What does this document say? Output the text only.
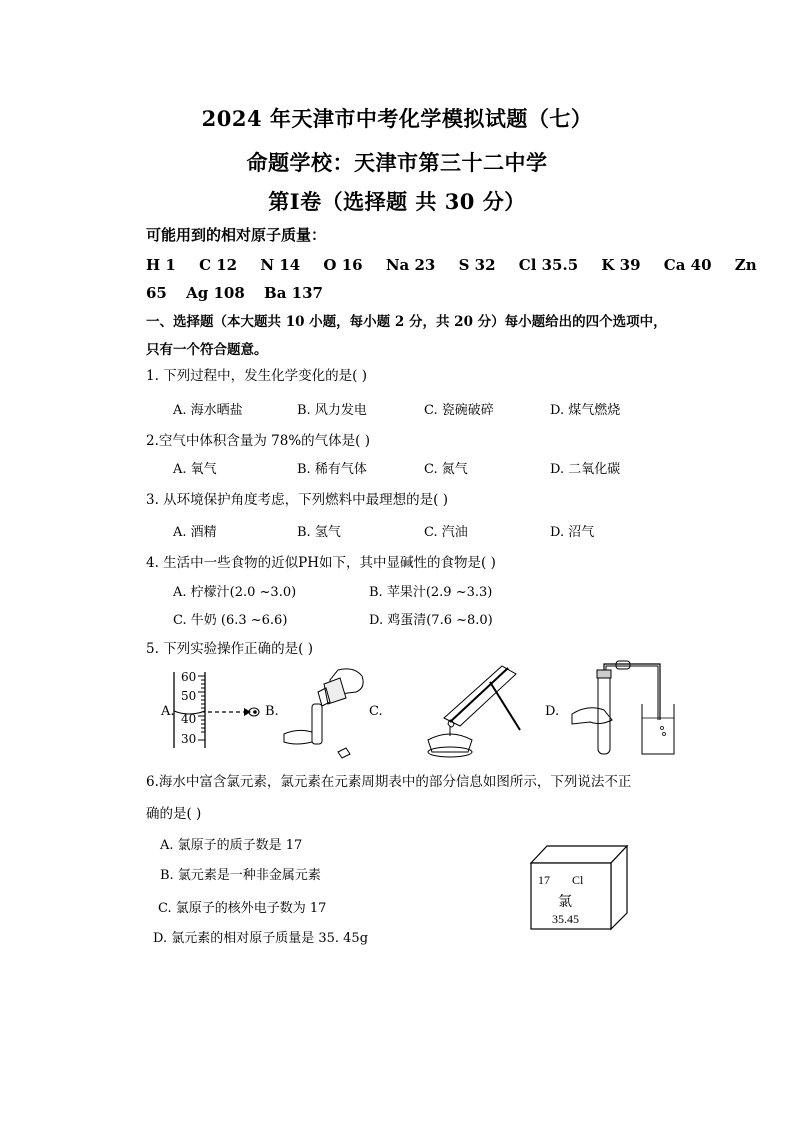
2024 年天津市中考化学模拟试题（七）
命题学校：天津市第三十二中学
第Ⅰ卷（选择题 共 30 分）
可能用到的相对原子质量：
H 1 C 12 N 14 O 16 Na 23 S 32 Cl 35.5 K 39 Ca 40 Zn
65 Ag 108 Ba 137
一、选择题（本大题共 10 小题，每小题 2 分，共 20 分）每小题给出的四个选项中，
只有一个符合题意。
1. 下列过程中，发生化学变化的是( )
A. 海水晒盐	B. 风力发电	C. 瓷碗破碎	D. 煤气燃烧
2.空气中体积含量为 78%的气体是( )
A. 氧气	B. 稀有气体	C. 氮气	D. 二氧化碳
3. 从环境保护角度考虑，下列燃料中最理想的是( )
A. 酒精	B. 氢气	C. 汽油	D. 沼气
4. 生活中一些食物的近似PH如下，其中显碱性的食物是( )
A. 柠檬汁(2.0 ~3.0)	B. 苹果汁(2.9 ~3.3)
C. 牛奶 (6.3 ~6.6)	D. 鸡蛋清(7.6 ~8.0)
5. 下列实验操作正确的是( )
A.
60
50
40
30
B.	C.	D.
6.海水中富含氯元素，氯元素在元素周期表中的部分信息如图所示，下列说法不正
确的是( )
A. 氯原子的质子数是 17
B. 氯元素是一种非金属元素
C. 氯原子的核外电子数为 17
D. 氯元素的相对原子质量是 35. 45g
17 Cl
氯
35.45
